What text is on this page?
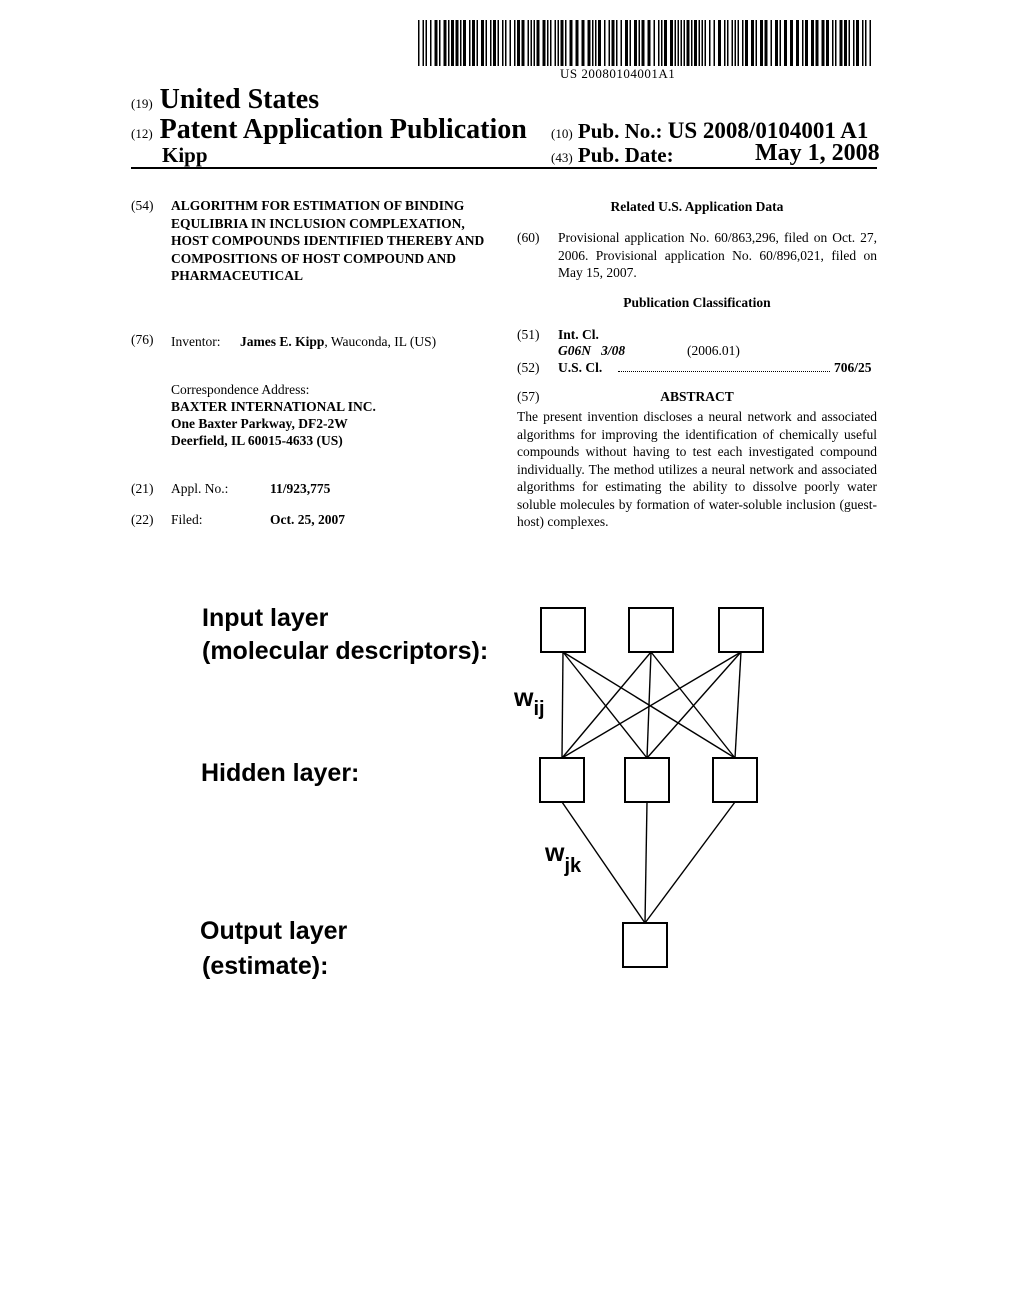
US 20080104001A1
(19) United States
(12) Patent Application Publication
Kipp
(10) Pub. No.: US 2008/0104001 A1
(43) Pub. Date:	May 1, 2008
(54) ALGORITHM FOR ESTIMATION OF BINDING EQULIBRIA IN INCLUSION COMPLEXATION, HOST COMPOUNDS IDENTIFIED THEREBY AND COMPOSITIONS OF HOST COMPOUND AND PHARMACEUTICAL
(76) Inventor: James E. Kipp, Wauconda, IL (US)
Correspondence Address:
BAXTER INTERNATIONAL INC.
One Baxter Parkway, DF2-2W
Deerfield, IL 60015-4633 (US)
(21) Appl. No.:	11/923,775
(22) Filed:	Oct. 25, 2007
Related U.S. Application Data
(60) Provisional application No. 60/863,296, filed on Oct. 27, 2006. Provisional application No. 60/896,021, filed on May 15, 2007.
Publication Classification
(51) Int. Cl.
G06N   3/08	(2006.01)
(52) U.S. Cl.	706/25
(57)	ABSTRACT
The present invention discloses a neural network and associated algorithms for improving the identification of chemically useful compounds without having to test each investigated compound individually. The method utilizes a neural network and associated algorithms for estimating the ability to dissolve poorly water soluble molecules by formation of water-soluble inclusion (guest-host) complexes.
Input layer
(molecular descriptors):
Hidden layer:
Output layer
(estimate):
$w_{ij}$
$w_{jk}$
